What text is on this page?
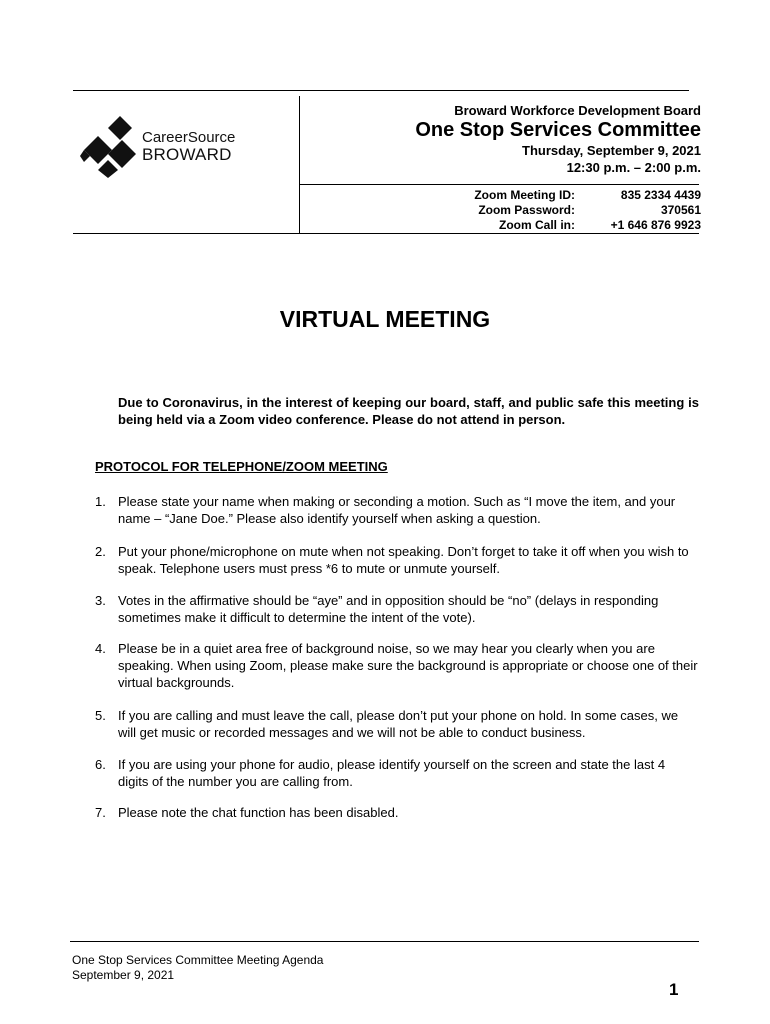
CareerSource
BROWARD
Broward Workforce Development Board
One Stop Services Committee
Thursday, September 9, 2021
12:30 p.m. – 2:00 p.m.
Zoom Meeting ID:	835 2334 4439
Zoom Password:	370561
Zoom Call in:	+1 646 876 9923
VIRTUAL MEETING
Due to Coronavirus, in the interest of keeping our board, staff, and public safe this meeting is being held via a Zoom video conference. Please do not attend in person.
PROTOCOL FOR TELEPHONE/ZOOM MEETING
1. Please state your name when making or seconding a motion. Such as “I move the item, and your name – “Jane Doe.” Please also identify yourself when asking a question.
2. Put your phone/microphone on mute when not speaking. Don’t forget to take it off when you wish to speak. Telephone users must press *6 to mute or unmute yourself.
3. Votes in the affirmative should be “aye” and in opposition should be “no” (delays in responding sometimes make it difficult to determine the intent of the vote).
4. Please be in a quiet area free of background noise, so we may hear you clearly when you are speaking. When using Zoom, please make sure the background is appropriate or choose one of their virtual backgrounds.
5. If you are calling and must leave the call, please don’t put your phone on hold. In some cases, we will get music or recorded messages and we will not be able to conduct business.
6. If you are using your phone for audio, please identify yourself on the screen and state the last 4 digits of the number you are calling from.
7. Please note the chat function has been disabled.
One Stop Services Committee Meeting Agenda
September 9, 2021
1
